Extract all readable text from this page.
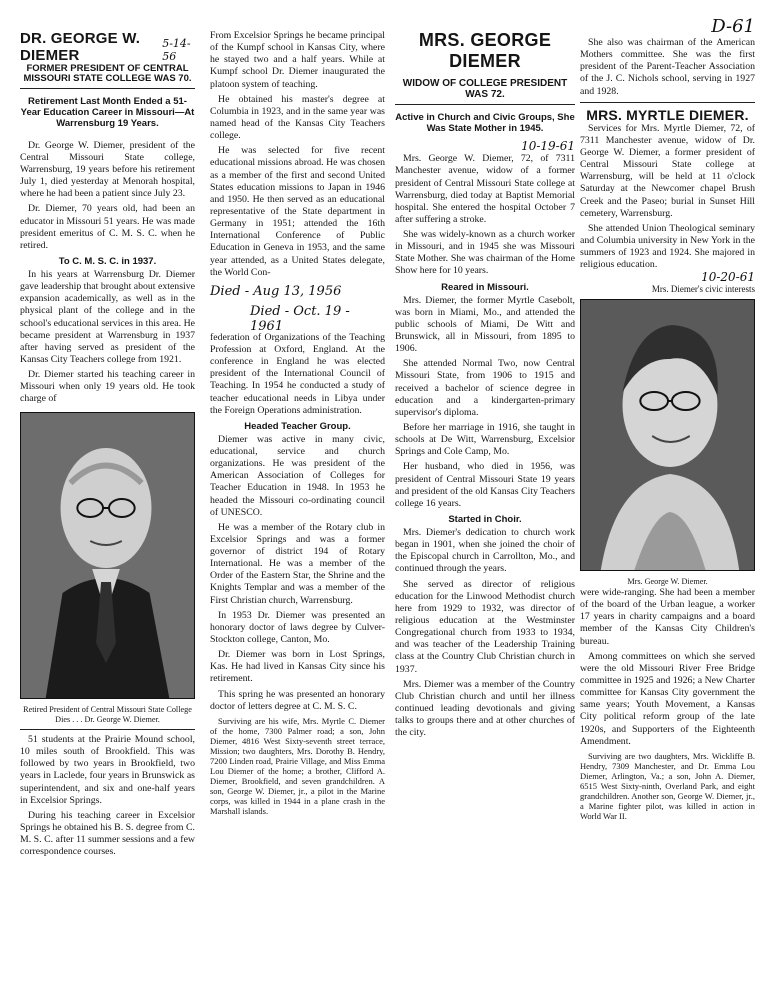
DR. GEORGE W. DIEMER
5-14-56
FORMER PRESIDENT OF CENTRAL MISSOURI STATE COLLEGE WAS 70.
Retirement Last Month Ended a 51-Year Education Career in Missouri—At Warrensburg 19 Years.

Dr. George W. Diemer, president of the Central Missouri State college, Warrensburg, 19 years before his retirement July 1, died yesterday at Menorah hospital, where he had been a patient since July 23.

Dr. Diemer, 70 years old, had been an educator in Missouri 51 years. He was made president emeritus of C. M. S. C. when he retired.

To C. M. S. C. in 1937.

In his years at Warrensburg Dr. Diemer gave leadership that brought about extensive expansion academically, as well as in the physical plant of the college and in the school's educational services in this area. He became president at Warrensburg in 1937 after having served as president of the Kansas City Teachers college from 1921.

Dr. Diemer started his teaching career in Missouri when only 19 years old. He took charge of

Retired President of Central Missouri State College Dies . . . Dr. George W. Diemer.

51 students at the Prairie Mound school, 10 miles south of Brookfield. This was followed by two years in Brookfield, two years in Laclede, four years in Brunswick as superintendent, and six and one-half years in Excelsior Springs.

During his teaching career in Excelsior Springs he obtained his B. S. degree from C. M. S. C. after 11 summer sessions and a few correspondence courses.

From Excelsior Springs he became principal of the Kumpf school in Kansas City, where he stayed two and a half years. While at Kumpf school Dr. Diemer inaugurated the platoon system of teaching.

He obtained his master's degree at Columbia in 1923, and in the same year was named head of the Kansas City Teachers college.

He was selected for five recent educational missions abroad. He was chosen as a member of the first and second United States education missions to Japan in 1946 and 1950. He then served as an educational representative of the State department in Germany in 1951; attended the 16th International Conference of Public Education in Geneva in 1953, and the same year attended, as a United States delegate, the World Con-

Died - Aug 13, 1956
Died - Oct. 19 - 1961

federation of Organizations of the Teaching Profession at Oxford, England. At the conference in England he was elected president of the International Council of Teaching. In 1954 he conducted a study of teacher educational needs in Libya under the Foreign Operations administration.

Headed Teacher Group.

Diemer was active in many civic, educational, service and church organizations. He was president of the American Association of Colleges for Teacher Education in 1948. In 1953 he headed the Missouri co-ordinating council of UNESCO.

He was a member of the Rotary club in Excelsior Springs and was a former governor of district 194 of Rotary International. He was a member of the Order of the Eastern Star, the Shrine and the Knights Templar and was a member of the First Christian church, Warrensburg.

In 1953 Dr. Diemer was presented an honorary doctor of laws degree by Culver-Stockton college, Canton, Mo.

Dr. Diemer was born in Lost Springs, Kas. He had lived in Kansas City since his retirement.

This spring he was presented an honorary doctor of letters degree at C. M. S. C.

Surviving are his wife, Mrs. Myrtle C. Diemer of the home, 7300 Palmer road; a son, John Diemer, 4816 West Sixty-seventh street terrace, Mission; two daughters, Mrs. Dorothy B. Hendry, 7200 Linden road, Prairie Village, and Miss Emma Lou Diemer of the home; a brother, Clifford A. Diemer, Brookfield, and seven grandchildren. A son, George W. Diemer, jr., a pilot in the Marine corps, was killed in 1944 in a plane crash in the Marshall islands.

MRS. GEORGE DIEMER
WIDOW OF COLLEGE PRESIDENT WAS 72.
Active in Church and Civic Groups, She Was State Mother in 1945.
10-19-61

Mrs. George W. Diemer, 72, of 7311 Manchester avenue, widow of a former president of Central Missouri State college at Warrensburg, died today at Baptist Memorial hospital. She entered the hospital October 7 after suffering a stroke.

She was widely-known as a church worker in Missouri, and in 1945 she was Missouri State Mother. She was chairman of the Home Show here for 10 years.

Reared in Missouri.

Mrs. Diemer, the former Myrtle Casebolt, was born in Miami, Mo., and attended the public schools of Miami, De Witt and Brunswick, all in Missouri, from 1895 to 1906.

She attended Normal Two, now Central Missouri State, from 1906 to 1915 and received a bachelor of science degree in education and a kindergarten-primary supervisor's diploma.

Before her marriage in 1916, she taught in schools at De Witt, Warrensburg, Excelsior Springs and Cole Camp, Mo.

Her husband, who died in 1956, was president of Central Missouri State 19 years and president of the old Kansas City Teachers college 16 years.

Started in Choir.

Mrs. Diemer's dedication to church work began in 1901, when she joined the choir of the Episcopal church in Carrollton, Mo., and continued through the years.

She served as director of religious education for the Linwood Methodist church here from 1929 to 1932, was director of religious education at the Westminster Congregational church from 1933 to 1934, and was teacher of the Leadership Training class at the Country Club Christian church in 1937.

Mrs. Diemer was a member of the Country Club Christian church and until her illness continued leading devotionals and giving talks to groups there and at other churches of the city.

D-61

She also was chairman of the American Mothers committee. She was the first president of the Parent-Teacher Association of the J. C. Nichols school, serving in 1927 and 1928.

MRS. MYRTLE DIEMER.

Services for Mrs. Myrtle Diemer, 72, of 7311 Manchester avenue, widow of Dr. George W. Diemer, a former president of Central Missouri State college at Warrensburg, will be held at 11 o'clock Saturday at the Newcomer chapel Brush Creek and the Paseo; burial in Sunset Hill cemetery, Warrensburg.

She attended Union Theological seminary and Columbia university in New York in the summers of 1923 and 1924. She majored in religious education.

10-20-61
Mrs. Diemer's civic interests
Mrs. George W. Diemer.

were wide-ranging. She had been a member of the board of the Urban league, a worker 17 years in charity campaigns and a board member of the Kansas City Children's bureau.

Among committees on which she served were the old Missouri River Free Bridge committee in 1925 and 1926; a New Charter committee for Kansas City government the same years; Youth Movement, a Kansas City political reform group of the late 1920s, and Supporters of the Eighteenth Amendment.

Surviving are two daughters, Mrs. Wickliffe B. Hendry, 7309 Manchester, and Dr. Emma Lou Diemer, Arlington, Va.; a son, John A. Diemer, 6515 West Sixty-ninth, Overland Park, and eight grandchildren. Another son, George W. Diemer, jr., a Marine fighter pilot, was killed in action in World War II.
